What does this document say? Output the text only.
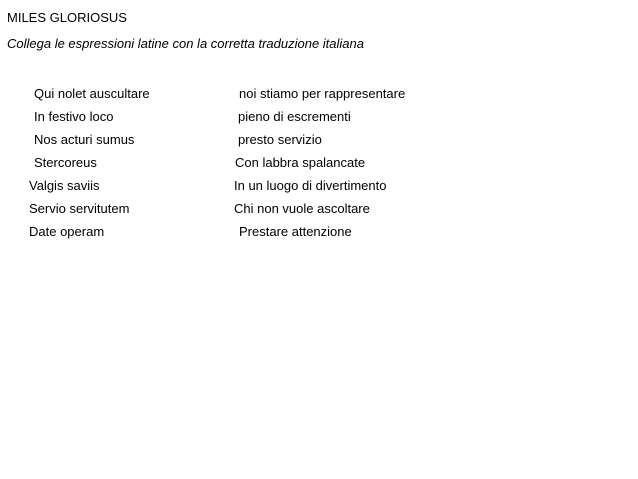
MILES GLORIOSUS
Collega le espressioni latine con la corretta traduzione italiana
Qui nolet auscultare
In festivo loco
Nos acturi sumus
Stercoreus
Valgis saviis
Servio servitutem
Date operam
noi stiamo per rappresentare
pieno di escrementi
presto servizio
Con labbra spalancate
In un luogo di divertimento
Chi non vuole ascoltare
Prestare attenzione
